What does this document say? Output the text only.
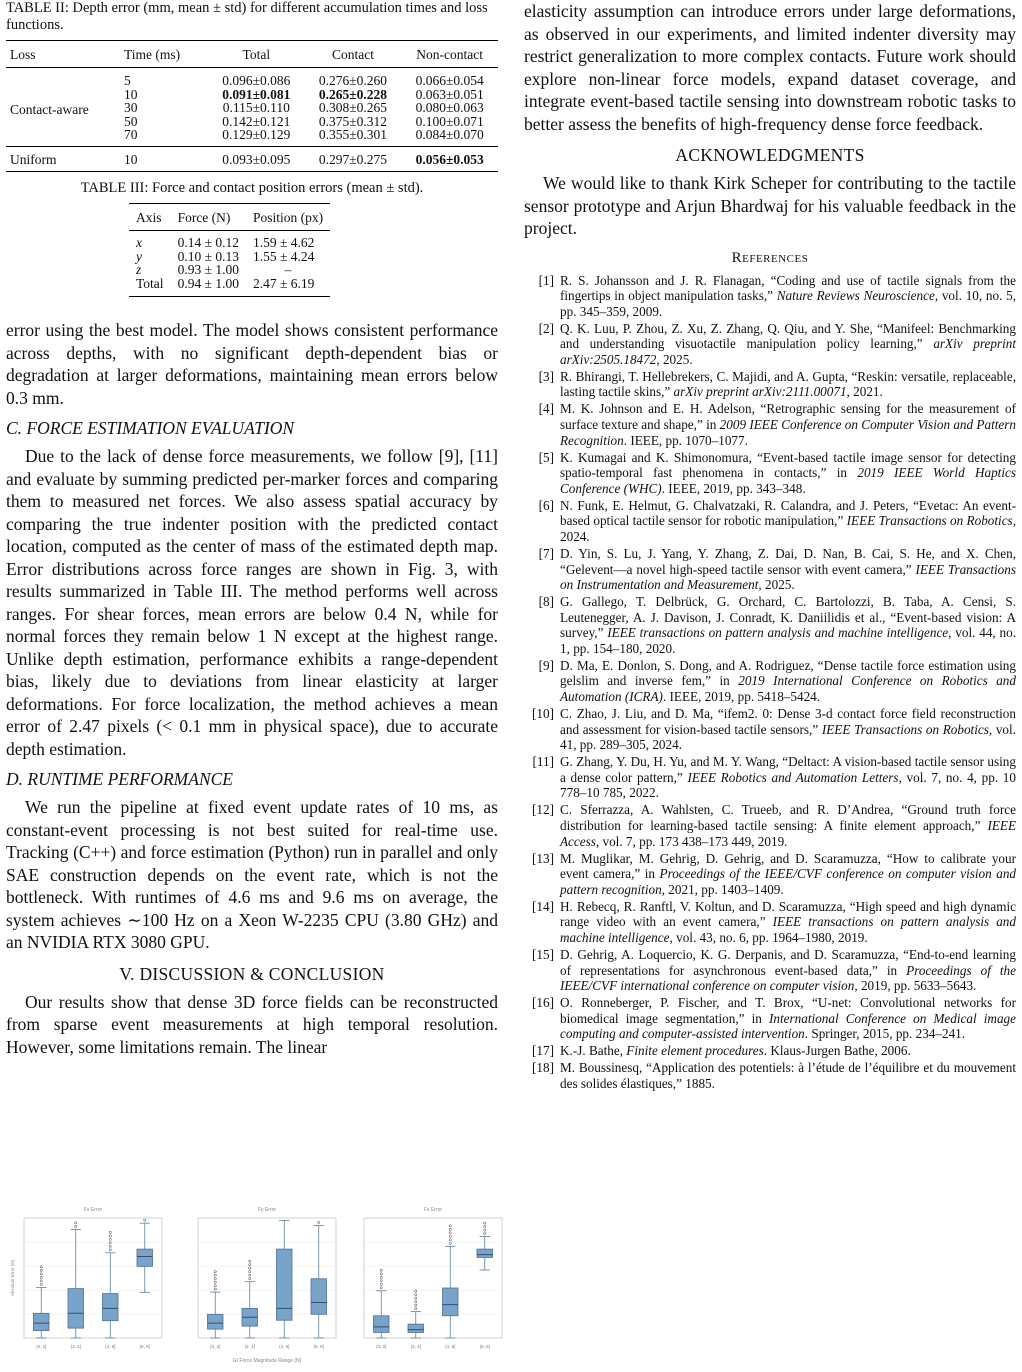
TABLE II: Depth error (mm, mean ± std) for different accumulation times and loss functions.
Loss	Time (ms)	Total	Contact	Non-contact
Contact-aware	5	0.096±0.086	0.276±0.260	0.066±0.054
	10	0.091±0.081	0.265±0.228	0.063±0.051
	30	0.115±0.110	0.308±0.265	0.080±0.063
	50	0.142±0.121	0.375±0.312	0.100±0.071
	70	0.129±0.129	0.355±0.301	0.084±0.070
Uniform	10	0.093±0.095	0.297±0.275	0.056±0.053
TABLE III: Force and contact position errors (mean ± std).
Axis	Force (N)	Position (px)
x	0.14 ± 0.12	1.59 ± 4.62
y	0.10 ± 0.13	1.55 ± 4.24
z	0.93 ± 1.00	–
Total	0.94 ± 1.00	2.47 ± 6.19

error using the best model. The model shows consistent performance across depths, with no significant depth-dependent bias or degradation at larger deformations, maintaining mean errors below 0.3 mm.

C. FORCE ESTIMATION EVALUATION

Due to the lack of dense force measurements, we follow [9], [11] and evaluate by summing predicted per-marker forces and comparing them to measured net forces. We also assess spatial accuracy by comparing the true indenter position with the predicted contact location, computed as the center of mass of the estimated depth map. Error distributions across force ranges are shown in Fig. 3, with results summarized in Table III. The method performs well across ranges. For shear forces, mean errors are below 0.4 N, while for normal forces they remain below 1 N except at the highest range. Unlike depth estimation, performance exhibits a range-dependent bias, likely due to deviations from linear elasticity at larger deformations. For force localization, the method achieves a mean error of 2.47 pixels (< 0.1 mm in physical space), due to accurate depth estimation.

D. RUNTIME PERFORMANCE

We run the pipeline at fixed event update rates of 10 ms, as constant-event processing is not best suited for real-time use. Tracking (C++) and force estimation (Python) run in parallel and only SAE construction depends on the event rate, which is not the bottleneck. With runtimes of 4.6 ms and 9.6 ms on average, the system achieves ∼100 Hz on a Xeon W-2235 CPU (3.80 GHz) and an NVIDIA RTX 3080 GPU.

V. DISCUSSION & CONCLUSION

Our results show that dense 3D force fields can be reconstructed from sparse event measurements at high temporal resolution. However, some limitations remain. The linear

Fx Error
(0, 2]	(2, 4]	(4, 6]	(6, 8]
Absolute Error (N)
Fy Error
(0, 2]	(2, 4]	(4, 6]	(6, 8]
Gt Force Magnitude Range (N)
Fz Error
(0, 2]	(2, 4]	(4, 6]	(6, 8]

elasticity assumption can introduce errors under large deformations, as observed in our experiments, and limited indenter diversity may restrict generalization to more complex contacts. Future work should explore non-linear force models, expand dataset coverage, and integrate event-based tactile sensing into downstream robotic tasks to better assess the benefits of high-frequency dense force feedback.

ACKNOWLEDGMENTS

We would like to thank Kirk Scheper for contributing to the tactile sensor prototype and Arjun Bhardwaj for his valuable feedback in the project.

References
[1] R. S. Johansson and J. R. Flanagan, “Coding and use of tactile signals from the fingertips in object manipulation tasks,” Nature Reviews Neuroscience, vol. 10, no. 5, pp. 345–359, 2009.
[2] Q. K. Luu, P. Zhou, Z. Xu, Z. Zhang, Q. Qiu, and Y. She, “Manifeel: Benchmarking and understanding visuotactile manipulation policy learning,” arXiv preprint arXiv:2505.18472, 2025.
[3] R. Bhirangi, T. Hellebrekers, C. Majidi, and A. Gupta, “Reskin: versatile, replaceable, lasting tactile skins,” arXiv preprint arXiv:2111.00071, 2021.
[4] M. K. Johnson and E. H. Adelson, “Retrographic sensing for the measurement of surface texture and shape,” in 2009 IEEE Conference on Computer Vision and Pattern Recognition. IEEE, pp. 1070–1077.
[5] K. Kumagai and K. Shimonomura, “Event-based tactile image sensor for detecting spatio-temporal fast phenomena in contacts,” in 2019 IEEE World Haptics Conference (WHC). IEEE, 2019, pp. 343–348.
[6] N. Funk, E. Helmut, G. Chalvatzaki, R. Calandra, and J. Peters, “Evetac: An event-based optical tactile sensor for robotic manipulation,” IEEE Transactions on Robotics, 2024.
[7] D. Yin, S. Lu, J. Yang, Y. Zhang, Z. Dai, D. Nan, B. Cai, S. He, and X. Chen, “Gelevent—a novel high-speed tactile sensor with event camera,” IEEE Transactions on Instrumentation and Measurement, 2025.
[8] G. Gallego, T. Delbrück, G. Orchard, C. Bartolozzi, B. Taba, A. Censi, S. Leutenegger, A. J. Davison, J. Conradt, K. Daniilidis et al., “Event-based vision: A survey,” IEEE transactions on pattern analysis and machine intelligence, vol. 44, no. 1, pp. 154–180, 2020.
[9] D. Ma, E. Donlon, S. Dong, and A. Rodriguez, “Dense tactile force estimation using gelslim and inverse fem,” in 2019 International Conference on Robotics and Automation (ICRA). IEEE, 2019, pp. 5418–5424.
[10] C. Zhao, J. Liu, and D. Ma, “ifem2. 0: Dense 3-d contact force field reconstruction and assessment for vision-based tactile sensors,” IEEE Transactions on Robotics, vol. 41, pp. 289–305, 2024.
[11] G. Zhang, Y. Du, H. Yu, and M. Y. Wang, “Deltact: A vision-based tactile sensor using a dense color pattern,” IEEE Robotics and Automation Letters, vol. 7, no. 4, pp. 10 778–10 785, 2022.
[12] C. Sferrazza, A. Wahlsten, C. Trueeb, and R. D’Andrea, “Ground truth force distribution for learning-based tactile sensing: A finite element approach,” IEEE Access, vol. 7, pp. 173 438–173 449, 2019.
[13] M. Muglikar, M. Gehrig, D. Gehrig, and D. Scaramuzza, “How to calibrate your event camera,” in Proceedings of the IEEE/CVF conference on computer vision and pattern recognition, 2021, pp. 1403–1409.
[14] H. Rebecq, R. Ranftl, V. Koltun, and D. Scaramuzza, “High speed and high dynamic range video with an event camera,” IEEE transactions on pattern analysis and machine intelligence, vol. 43, no. 6, pp. 1964–1980, 2019.
[15] D. Gehrig, A. Loquercio, K. G. Derpanis, and D. Scaramuzza, “End-to-end learning of representations for asynchronous event-based data,” in Proceedings of the IEEE/CVF international conference on computer vision, 2019, pp. 5633–5643.
[16] O. Ronneberger, P. Fischer, and T. Brox, “U-net: Convolutional networks for biomedical image segmentation,” in International Conference on Medical image computing and computer-assisted intervention. Springer, 2015, pp. 234–241.
[17] K.-J. Bathe, Finite element procedures. Klaus-Jurgen Bathe, 2006.
[18] M. Boussinesq, “Application des potentiels: à l’étude de l’équilibre et du mouvement des solides élastiques,” 1885.
